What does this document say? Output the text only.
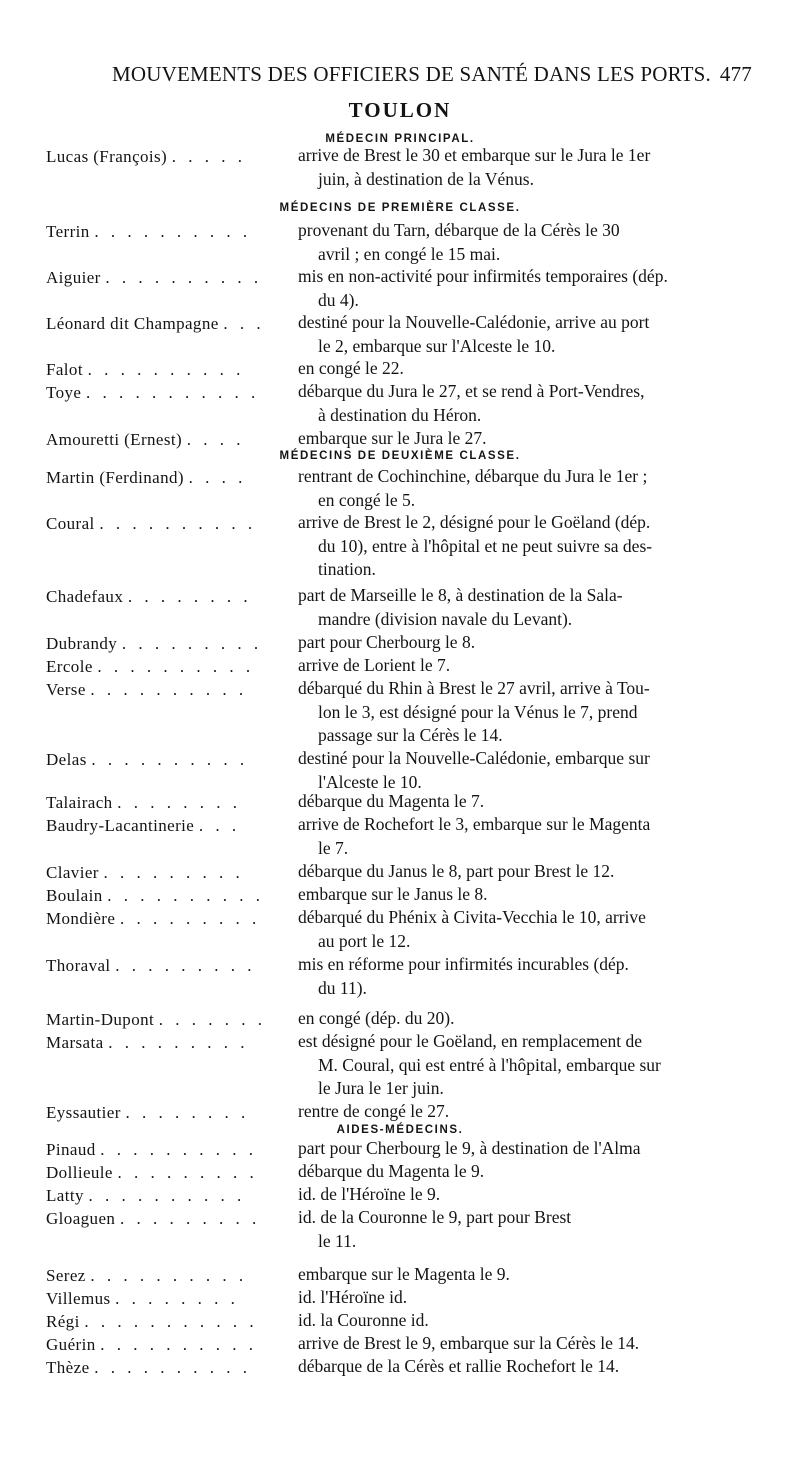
MOUVEMENTS DES OFFICIERS DE SANTÉ DANS LES PORTS. 477
TOULON
MÉDECIN PRINCIPAL.
MÉDECINS DE PREMIÈRE CLASSE.
MÉDECINS DE DEUXIÈME CLASSE.
AIDES-MÉDECINS.
Lucas (François) . . . . .	arrive de Brest le 30 et embarque sur le Jura le 1er

juin, à destination de la Vénus.

Terrin . . . . . . . . . .	provenant du Tarn, débarque de la Cérès le 30

avril ; en congé le 15 mai.

Aiguier . . . . . . . . . .	mis en non-activité pour infirmités temporaires (dép.

du 4).

Léonard dit Champagne . . .	destiné pour la Nouvelle-Calédonie, arrive au port

le 2, embarque sur l'Alceste le 10.

Falot . . . . . . . . . .	en congé le 22.

Toye . . . . . . . . . . .	débarque du Jura le 27, et se rend à Port-Vendres,

à destination du Héron.

Amouretti (Ernest) . . . .	embarque sur le Jura le 27.

Martin (Ferdinand) . . . .	rentrant de Cochinchine, débarque du Jura le 1er ;

en congé le 5.

Coural . . . . . . . . . .	arrive de Brest le 2, désigné pour le Goëland (dép.

du 10), entre à l'hôpital et ne peut suivre sa des-

tination.

Chadefaux . . . . . . . .	part de Marseille le 8, à destination de la Sala-

mandre (division navale du Levant).

Dubrandy . . . . . . . . .	part pour Cherbourg le 8.

Ercole . . . . . . . . . .	arrive de Lorient le 7.

Verse . . . . . . . . . .	débarqué du Rhin à Brest le 27 avril, arrive à Tou-

lon le 3, est désigné pour la Vénus le 7, prend

passage sur la Cérès le 14.

Delas . . . . . . . . . .	destiné pour la Nouvelle-Calédonie, embarque sur

l'Alceste le 10.

Talairach . . . . . . . .	débarque du Magenta le 7.

Baudry-Lacantinerie . . .	arrive de Rochefort le 3, embarque sur le Magenta

le 7.

Clavier . . . . . . . . .	débarque du Janus le 8, part pour Brest le 12.

Boulain . . . . . . . . . .	embarque sur le Janus le 8.

Mondière . . . . . . . . .	débarqué du Phénix à Civita-Vecchia le 10, arrive

au port le 12.

Thoraval . . . . . . . . .	mis en réforme pour infirmités incurables (dép.

du 11).

Martin-Dupont . . . . . . .	en congé (dép. du 20).

Marsata . . . . . . . . .	est désigné pour le Goëland, en remplacement de

M. Coural, qui est entré à l'hôpital, embarque sur

le Jura le 1er juin.

Eyssautier . . . . . . . .	rentre de congé le 27.

Pinaud . . . . . . . . . .	part pour Cherbourg le 9, à destination de l'Alma

Dollieule . . . . . . . . .	débarque du Magenta le 9.

Latty . . . . . . . . . .	id. de l'Héroïne le 9.

Gloaguen . . . . . . . . .	id. de la Couronne le 9, part pour Brest

le 11.

Serez . . . . . . . . . .	embarque sur le Magenta le 9.

Villemus . . . . . . . .	id. l'Héroïne id.

Régi . . . . . . . . . . .	id. la Couronne id.

Guérin . . . . . . . . . .	arrive de Brest le 9, embarque sur la Cérès le 14.

Thèze . . . . . . . . . .	débarque de la Cérès et rallie Rochefort le 14.
